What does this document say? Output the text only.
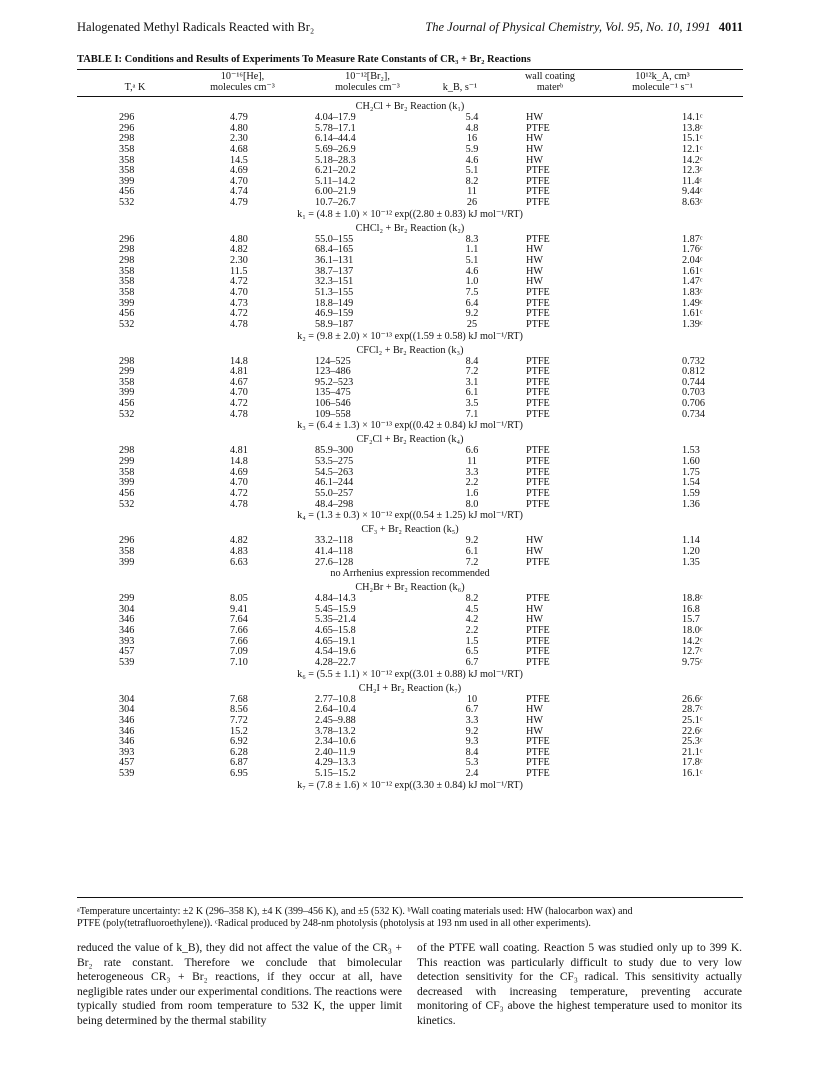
Halogenated Methyl Radicals Reacted with Br₂	The Journal of Physical Chemistry, Vol. 95, No. 10, 1991 4011
TABLE I: Conditions and Results of Experiments To Measure Rate Constants of CR₃ + Br₂ Reactions
10⁻¹⁶[He],	10⁻¹²[Br₂],	wall coating	10¹²k_A, cm³
T,ᵃ K	molecules cm⁻³	molecules cm⁻³	k_B, s⁻¹	materᵇ	molecule⁻¹ s⁻¹
CH₂Cl + Br₂ Reaction (k₁)
296	4.79	4.04–17.9	5.4	HW	14.1ᶜ
296	4.80	5.78–17.1	4.8	PTFE	13.8ᶜ
298	2.30	6.14–44.4	16	HW	15.1ᶜ
358	4.68	5.69–26.9	5.9	HW	12.1ᶜ
358	14.5	5.18–28.3	4.6	HW	14.2ᶜ
358	4.69	6.21–20.2	5.1	PTFE	12.3ᶜ
399	4.70	5.11–14.2	8.2	PTFE	11.4ᶜ
456	4.74	6.00–21.9	11	PTFE	9.44ᶜ
532	4.79	10.7–26.7	26	PTFE	8.63ᶜ
k₁ = (4.8 ± 1.0) × 10⁻¹² exp((2.80 ± 0.83) kJ mol⁻¹/RT)
CHCl₂ + Br₂ Reaction (k₂)
296	4.80	55.0–155	8.3	PTFE	1.87ᶜ
298	4.82	68.4–165	1.1	HW	1.76ᶜ
298	2.30	36.1–131	5.1	HW	2.04ᶜ
358	11.5	38.7–137	4.6	HW	1.61ᶜ
358	4.72	32.3–151	1.0	HW	1.47ᶜ
358	4.70	51.3–155	7.5	PTFE	1.83ᶜ
399	4.73	18.8–149	6.4	PTFE	1.49ᶜ
456	4.72	46.9–159	9.2	PTFE	1.61ᶜ
532	4.78	58.9–187	25	PTFE	1.39ᶜ
k₂ = (9.8 ± 2.0) × 10⁻¹³ exp((1.59 ± 0.58) kJ mol⁻¹/RT)
CFCl₂ + Br₂ Reaction (k₃)
298	14.8	124–525	8.4	PTFE	0.732
299	4.81	123–486	7.2	PTFE	0.812
358	4.67	95.2–523	3.1	PTFE	0.744
399	4.70	135–475	6.1	PTFE	0.703
456	4.72	106–546	3.5	PTFE	0.706
532	4.78	109–558	7.1	PTFE	0.734
k₃ = (6.4 ± 1.3) × 10⁻¹³ exp((0.42 ± 0.84) kJ mol⁻¹/RT)
CF₂Cl + Br₂ Reaction (k₄)
298	4.81	85.9–300	6.6	PTFE	1.53
299	14.8	53.5–275	11	PTFE	1.60
358	4.69	54.5–263	3.3	PTFE	1.75
399	4.70	46.1–244	2.2	PTFE	1.54
456	4.72	55.0–257	1.6	PTFE	1.59
532	4.78	48.4–298	8.0	PTFE	1.36
k₄ = (1.3 ± 0.3) × 10⁻¹² exp((0.54 ± 1.25) kJ mol⁻¹/RT)
CF₃ + Br₂ Reaction (k₅)
296	4.82	33.2–118	9.2	HW	1.14
358	4.83	41.4–118	6.1	HW	1.20
399	6.63	27.6–128	7.2	PTFE	1.35
no Arrhenius expression recommended
CH₂Br + Br₂ Reaction (k₆)
299	8.05	4.84–14.3	8.2	PTFE	18.8ᶜ
304	9.41	5.45–15.9	4.5	HW	16.8
346	7.64	5.35–21.4	4.2	HW	15.7
346	7.66	4.65–15.8	2.2	PTFE	18.0ᶜ
393	7.66	4.65–19.1	1.5	PTFE	14.2ᶜ
457	7.09	4.54–19.6	6.5	PTFE	12.7ᶜ
539	7.10	4.28–22.7	6.7	PTFE	9.75ᶜ
k₆ = (5.5 ± 1.1) × 10⁻¹² exp((3.01 ± 0.88) kJ mol⁻¹/RT)
CH₂I + Br₂ Reaction (k₇)
304	7.68	2.77–10.8	10	PTFE	26.6ᶜ
304	8.56	2.64–10.4	6.7	HW	28.7ᶜ
346	7.72	2.45–9.88	3.3	HW	25.1ᶜ
346	15.2	3.78–13.2	9.2	HW	22.6ᶜ
346	6.92	2.34–10.6	9.3	PTFE	25.3ᶜ
393	6.28	2.40–11.9	8.4	PTFE	21.1ᶜ
457	6.87	4.29–13.3	5.3	PTFE	17.8ᶜ
539	6.95	5.15–15.2	2.4	PTFE	16.1ᶜ
k₇ = (7.8 ± 1.6) × 10⁻¹² exp((3.30 ± 0.84) kJ mol⁻¹/RT)
ᵃTemperature uncertainty: ±2 K (296–358 K), ±4 K (399–456 K), and ±5 (532 K). ᵇWall coating materials used: HW (halocarbon wax) and
PTFE (poly(tetrafluoroethylene)). ᶜRadical produced by 248-nm photolysis (photolysis at 193 nm used in all other experiments).
reduced the value of k_B), they did not affect the value of the CR₃ + Br₂ rate constant. Therefore we conclude that bimolecular heterogeneous CR₃ + Br₂ reactions, if they occur at all, have negligible rates under our experimental conditions. The reactions were typically studied from room temperature to 532 K, the upper limit being determined by the thermal stability
of the PTFE wall coating. Reaction 5 was studied only up to 399 K. This reaction was particularly difficult to study due to very low detection sensitivity for the CF₃ radical. This sensitivity actually decreased with increasing temperature, preventing accurate monitoring of CF₃ above the highest temperature used to monitor its kinetics.
